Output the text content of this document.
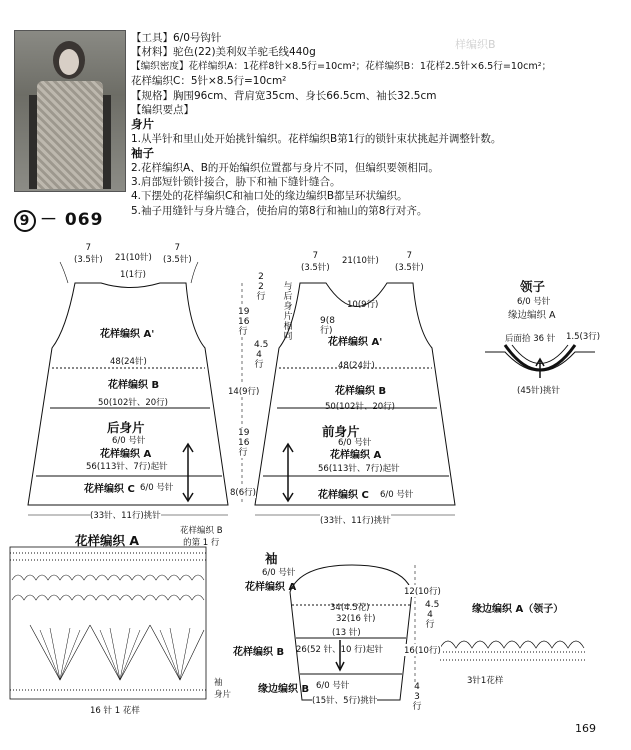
【工具】6/0号钩针
【材料】驼色(22)美利奴羊驼毛线440g
【编织密度】花样编织A：1花样8针×8.5行=10cm²；花样编织B：1花样2.5针×6.5行=10cm²；
花样编织C：5针×8.5行=10cm²
【规格】胸围96cm、背肩宽35cm、身长66.5cm、袖长32.5cm
【编织要点】
身片
1.从半针和里山处开始挑针编织。花样编织B第1行的锁针束状挑起并调整针数。
袖子
2.花样编织A、B的开始编织位置都与身片不同，但编织要领相同。
3.肩部短针锁针接合，胁下和袖下缝针缝合。
4.下摆处的花样编织C和袖口处的缘边编织B都呈环状编织。
5.袖子用缝针与身片缝合，使抬肩的第8行和袖山的第8行对齐。
样编织B
9 － 069
7
(3.5针) 21(10针)
7
(3.5针)
1(1行)
花样编织 A'
48(24针)
花样编织 B
50(102针、20行)
后身片
6/0 号针
花样编织 A
56(113针、7行)起针
花样编织 C 6/0 号针
(33针、11行)挑针
7
(3.5针)
21(10针)	7
(3.5针)
与后身片相同
10(9行)
9(8行)
花样编织 A'
48(24针)
花样编织 B
50(102针、20行)
前身片
6/0 号针
花样编织 A
56(113针、7行)起针
花样编织 C 6/0 号针
(33针、11行)挑针
2
2
行
19
16
行
4.5
4
行
14(9行)
19
16
行
8(6行)
领子
6/0 号针
缘边编织 A
后面拾 36 针 1.5(3行)
(45针)挑针
花样编织 A
花样编织 B
的第 1 行
16 针 1 花样
袖
身片
袖
6/0 号针
花样编织 A
34(4.5花)
32(16 针)
(13 针)
花样编织 B 26(52 针、10 行)起针
缘边编织 B 6/0 号针
(15针、5行)挑针
12(10行)
4.5
4
行
16(10行)
4
3
行
缘边编织 A（领子）
3针1花样
169
